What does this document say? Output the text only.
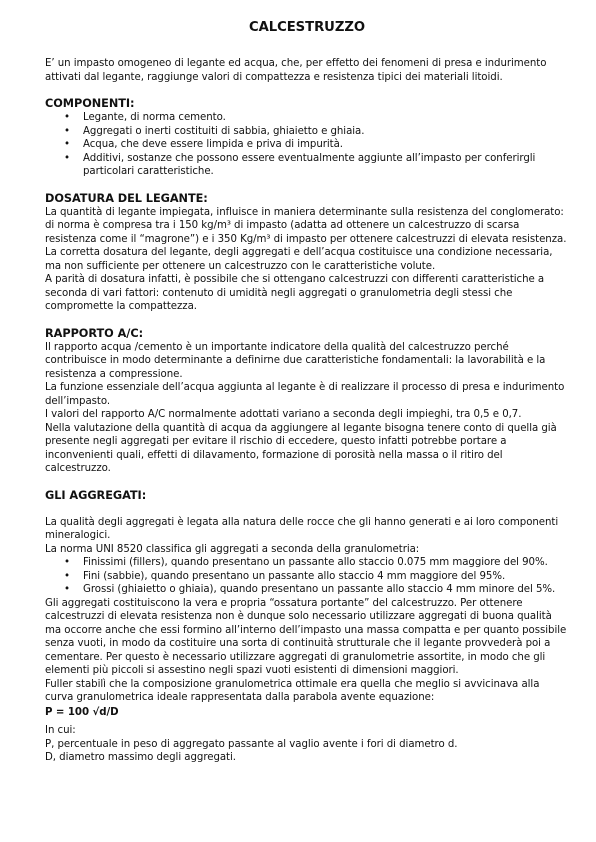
CALCESTRUZZO

E’ un impasto omogeneo di legante ed acqua, che, per effetto dei fenomeni di presa e indurimento attivati dal legante, raggiunge valori di compattezza e resistenza tipici dei materiali litoidi.

COMPONENTI:
• Legante, di norma cemento.
• Aggregati o inerti costituiti di sabbia, ghiaietto e ghiaia.
• Acqua, che deve essere limpida e priva di impurità.
• Additivi, sostanze che possono essere eventualmente aggiunte all’impasto per conferirgli particolari caratteristiche.
DOSATURA DEL LEGANTE:

La quantità di legante impiegata, influisce in maniera determinante sulla resistenza del conglomerato: di norma è compresa tra i 150 kg/m³ di impasto (adatta ad ottenere un calcestruzzo di scarsa resistenza come il “magrone”) e i 350 Kg/m³ di impasto per ottenere calcestruzzi di elevata resistenza.

La corretta dosatura del legante, degli aggregati e dell’acqua costituisce una condizione necessaria, ma non sufficiente per ottenere un calcestruzzo con le caratteristiche volute.

A parità di dosatura infatti, è possibile che si ottengano calcestruzzi con differenti caratteristiche a seconda di vari fattori: contenuto di umidità negli aggregati o granulometria degli stessi che compromette la compattezza.

RAPPORTO A/C:

Il rapporto acqua /cemento è un importante indicatore della qualità del calcestruzzo perché contribuisce in modo determinante a definirne due caratteristiche fondamentali: la lavorabilità e la resistenza a compressione.

La funzione essenziale dell’acqua aggiunta al legante è di realizzare il processo di presa e indurimento dell’impasto.

I valori del rapporto A/C normalmente adottati variano a seconda degli impieghi, tra 0,5 e 0,7.

Nella valutazione della quantità di acqua da aggiungere al legante bisogna tenere conto di quella già presente negli aggregati per evitare il rischio di eccedere, questo infatti potrebbe portare a inconvenienti quali, effetti di dilavamento, formazione di porosità nella massa o il ritiro del calcestruzzo.

GLI AGGREGATI:

La qualità degli aggregati è legata alla natura delle rocce che gli hanno generati e ai loro componenti mineralogici.

La norma UNI 8520 classifica gli aggregati a seconda della granulometria:

• Finissimi (fillers), quando presentano un passante allo staccio 0.075 mm maggiore del 90%.
• Fini (sabbie), quando presentano un passante allo staccio 4 mm maggiore del 95%.
• Grossi (ghiaietto o ghiaia), quando presentano un passante allo staccio 4 mm minore del 5%.

Gli aggregati costituiscono la vera e propria “ossatura portante” del calcestruzzo. Per ottenere calcestruzzi di elevata resistenza non è dunque solo necessario utilizzare aggregati di buona qualità ma occorre anche che essi formino all’interno dell’impasto una massa compatta e per quanto possibile senza vuoti, in modo da costituire una sorta di continuità strutturale che il legante provvederà poi a cementare. Per questo è necessario utilizzare aggregati di granulometrie assortite, in modo che gli elementi più piccoli si assestino negli spazi vuoti esistenti di dimensioni maggiori.

Fuller stabilì che la composizione granulometrica ottimale era quella che meglio si avvicinava alla curva granulometrica ideale rappresentata dalla parabola avente equazione:

P = 100 √d/D

In cui:

P, percentuale in peso di aggregato passante al vaglio avente i fori di diametro d.

D, diametro massimo degli aggregati.
